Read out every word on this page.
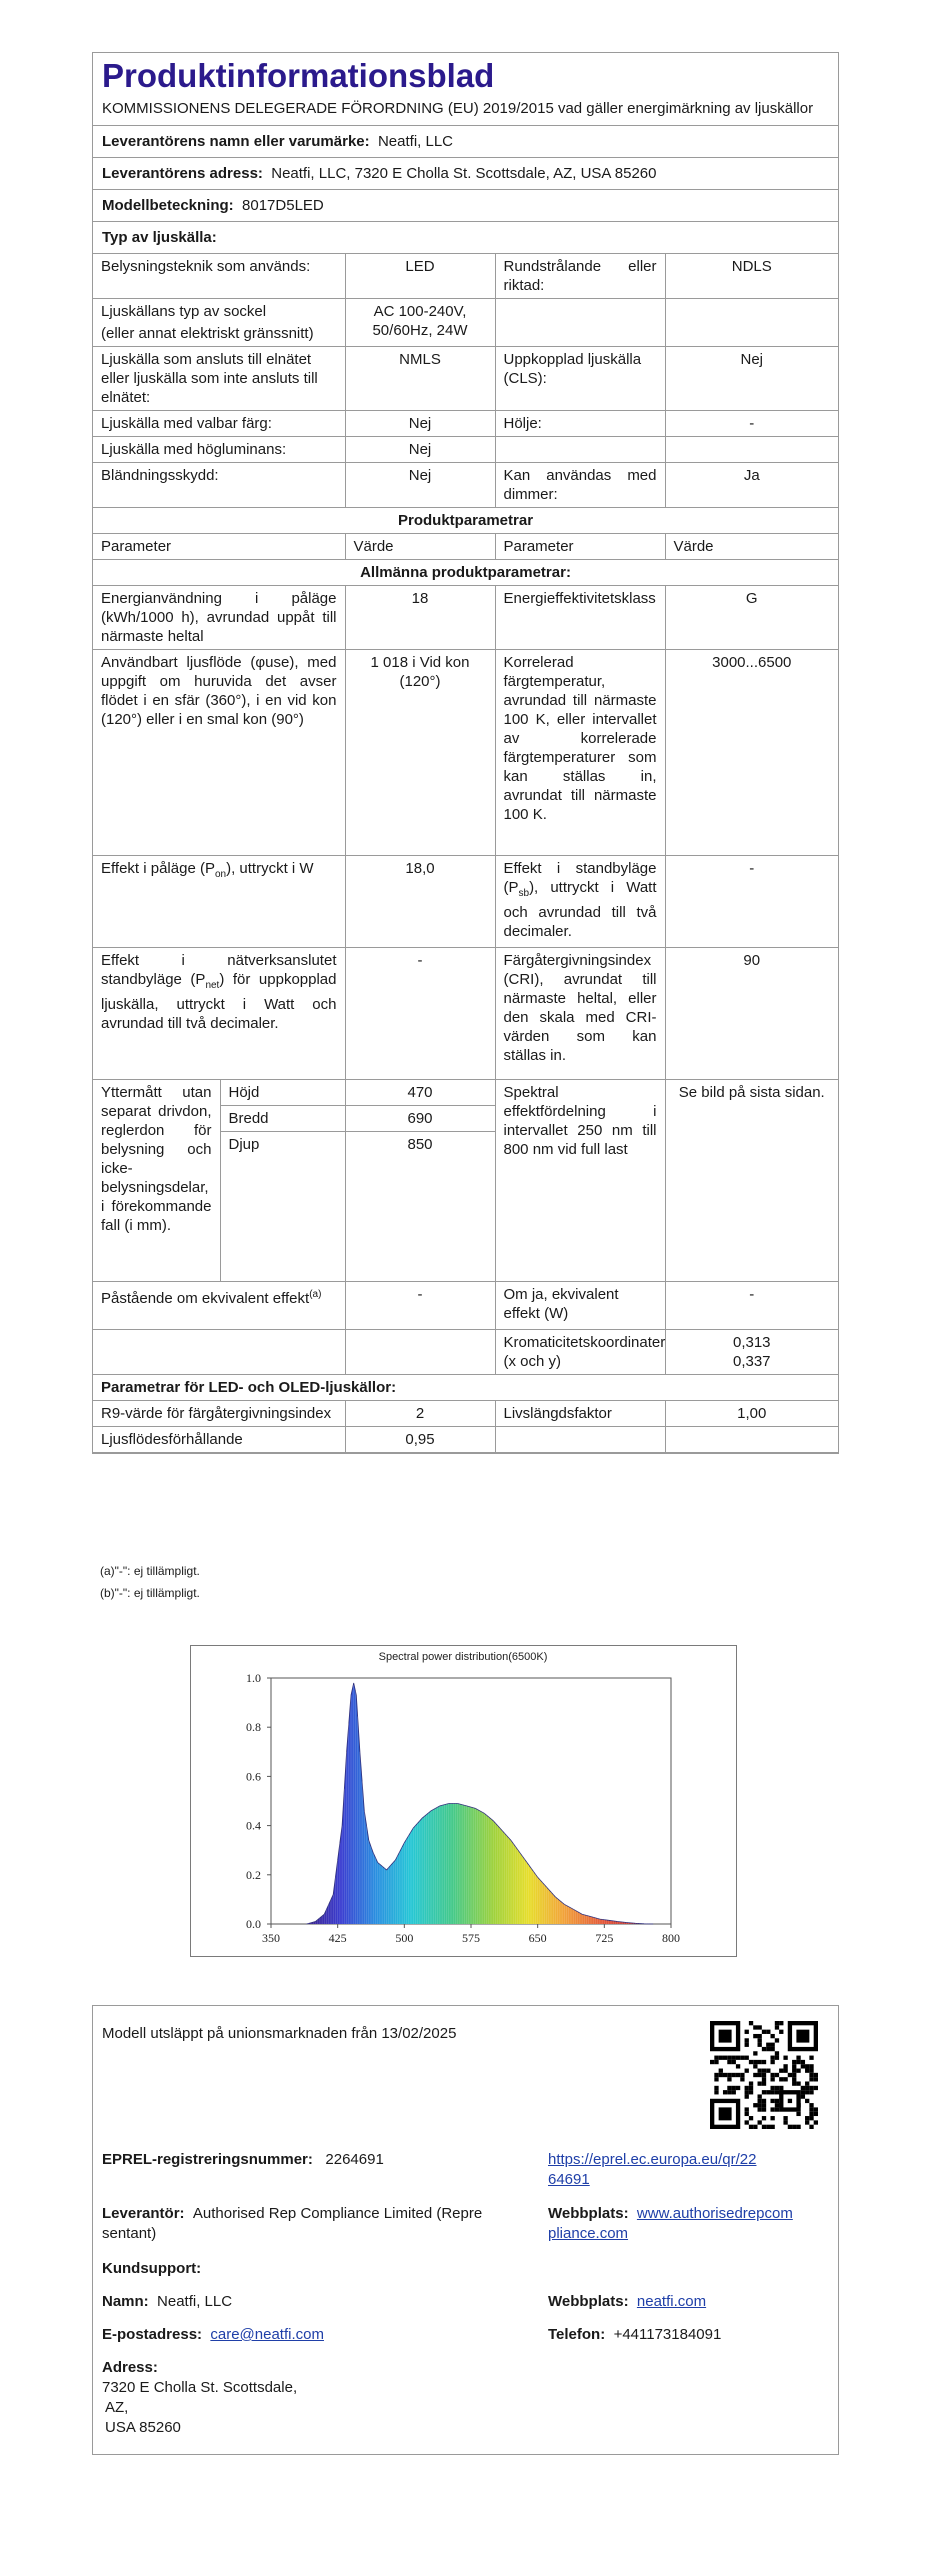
Produktinformationsblad
KOMMISSIONENS DELEGERADE FÖRORDNING (EU) 2019/2015 vad gäller energimärkning av ljuskällor
Leverantörens namn eller varumärke: Neatfi, LLC
Leverantörens adress: Neatfi, LLC, 7320 E Cholla St. Scottsdale, AZ, USA 85260
Modellbeteckning: 8017D5LED
Typ av ljuskälla:
Belysningsteknik som används:	LED	Rundstrålande eller riktad:	NDLS

Ljuskällans typ av sockel
(eller annat elektriskt gränssnitt)	AC 100-240V, 50/60Hz, 24W		
Ljuskälla som ansluts till elnätet eller ljuskälla som inte ansluts till elnätet:	NMLS	Uppkopplad ljuskälla (CLS):	Nej
Ljuskälla med valbar färg:	Nej	Hölje:	-
Ljuskälla med högluminans:	Nej		
Bländningsskydd:	Nej	Kan användas med dimmer:	Ja
Produktparametrar				
Parameter		Värde	Parameter	Värde
Allmänna produktparametrar:				
Energianvändning i påläge (kWh/1000 h), avrundad uppåt till närmaste heltal		18	Energieffektivitetsklass	G
Användbart ljusflöde (φuse), med uppgift om huruvida det avser flödet i en sfär (360°), i en vid kon (120°) eller i en smal kon (90°)		1 018 i Vid kon (120°)	Korrelerad färgtemperatur, avrundad till närmaste 100 K, eller intervallet av korrelerade färgtemperaturer som kan ställas in, avrundat till närmaste 100 K.	3000...6500
Effekt i påläge $(P_{on})$, uttryckt i W		18,0	Effekt i standbyläge $(P_{sb})$, uttryckt i Watt och avrundad till två decimaler.	-
Effekt i nätverksanslutet standbyläge $(P_{net})$ för uppkopplad ljuskälla, uttryckt i Watt och avrundad till två decimaler.		-	Färgåtergivningsindex (CRI), avrundat till närmaste heltal, eller den skala med CRI-värden som kan ställas in.	90
Yttermått utan separat drivdon, reglerdon för belysning och icke-belysningsdelar, i förekommande fall (i mm).	Höjd	470	Spektral effektfördelning i intervallet 250 nm till 800 nm vid full last	Se bild på sista sidan.
	Bredd	690		
	Djup	850		
Påstående om ekvivalent effekt$^{(a)}$		-	Om ja, ekvivalent effekt (W)	-
			Kromaticitetskoordinater (x och y)	0,313
0,337

Parametrar för LED- och OLED-ljuskällor:				
R9-värde för färgåtergivningsindex		2	Livslängdsfaktor	1,00
Ljusflödesförhållande		0,95		
(a)"-": ej tillämpligt.
(b)"-": ej tillämpligt.
Spectral power distribution(6500K)
350	425	500	575	650	725	800
0.0
0.2
0.4
0.6
0.8
1.0
Modell utsläppt på unionsmarknaden från 13/02/2025
EPREL-registreringsnummer: 2264691	https://eprel.ec.europa.eu/qr/22
64691
Leverantör: Authorised Rep Compliance Limited (Repre
sentant)
Webbplats: www.authorisedrepcom
pliance.com
Kundsupport:
Namn: Neatfi, LLC	Webbplats: neatfi.com
E-postadress: care@neatfi.com	Telefon: +441173184091
Adress:
7320 E Cholla St. Scottsdale,
AZ,
USA 85260
